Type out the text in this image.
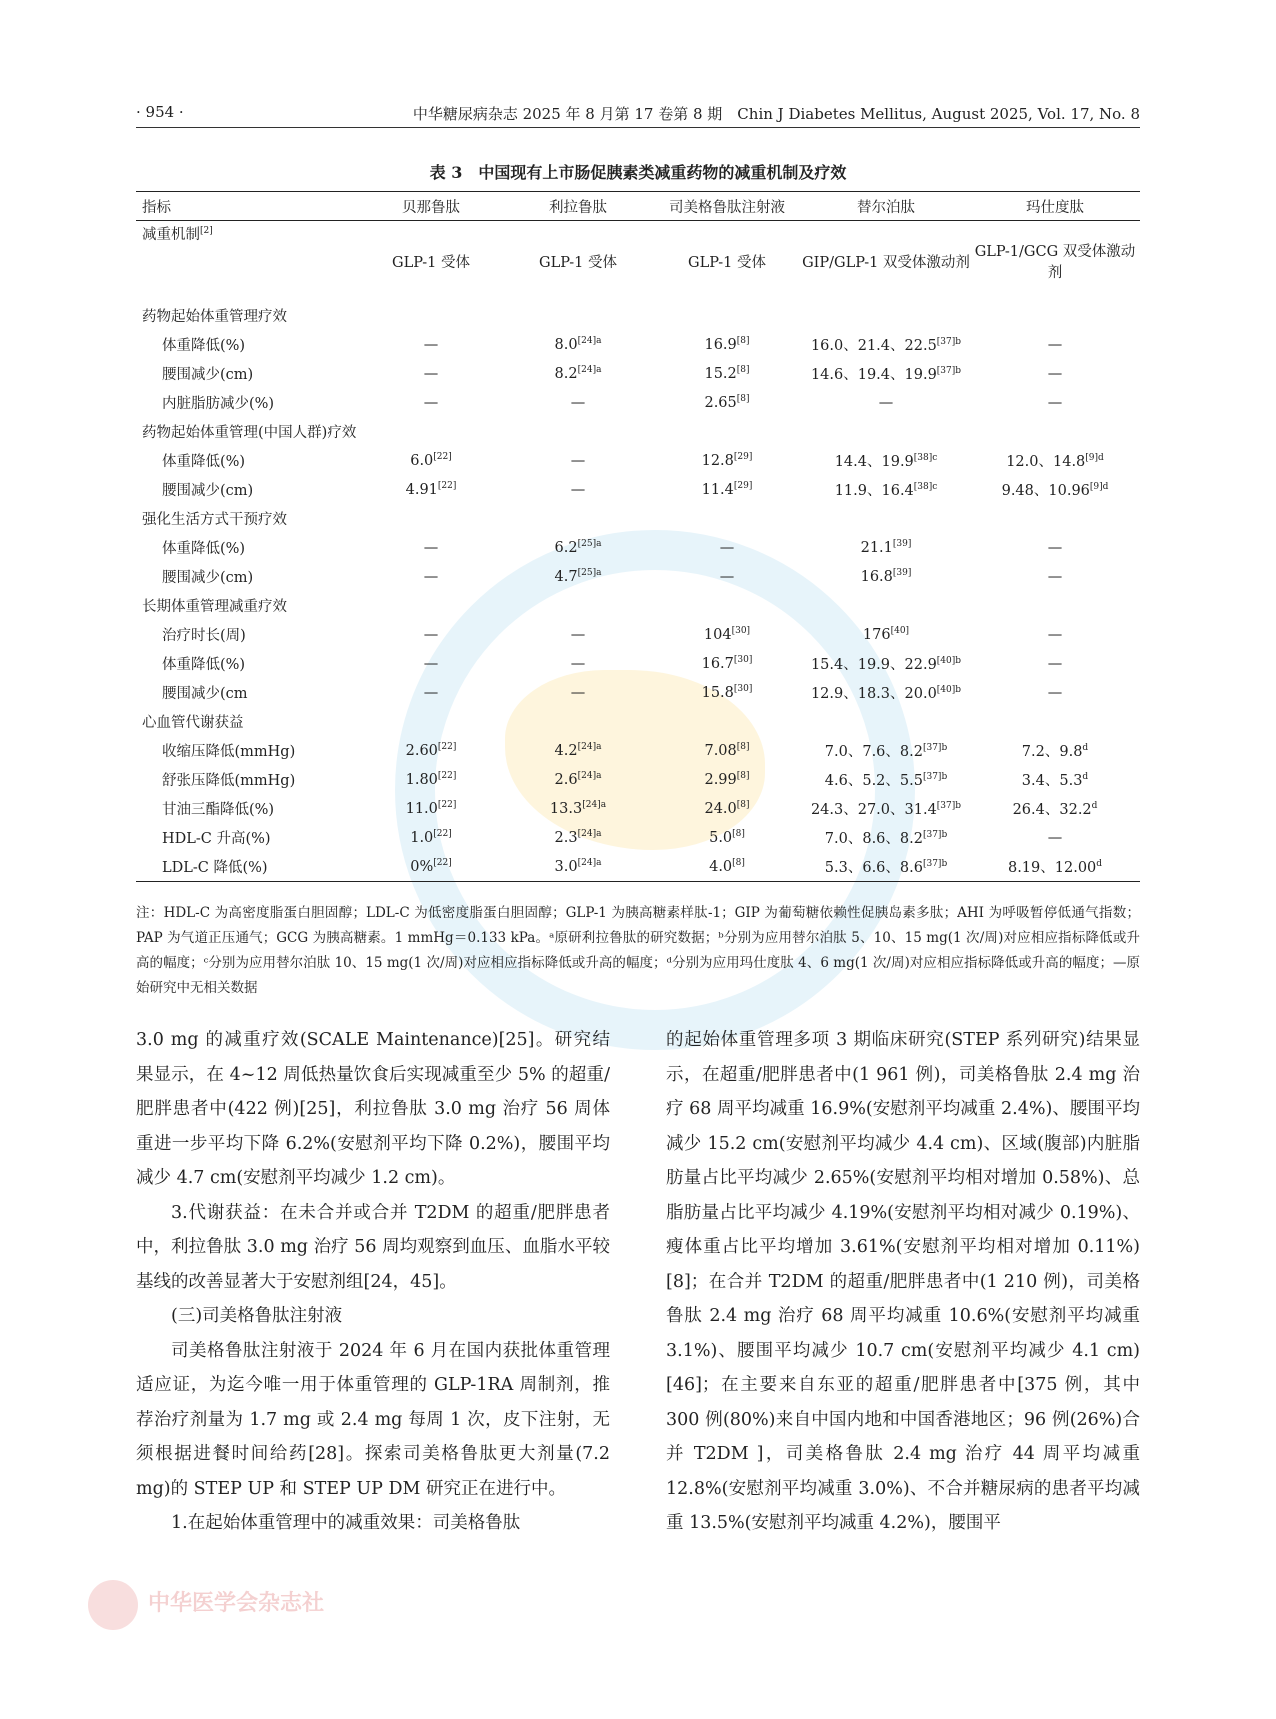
· 954 ·	中华糖尿病杂志 2025 年 8 月第 17 卷第 8 期　Chin J Diabetes Mellitus, August 2025, Vol. 17, No. 8
表 3　中国现有上市肠促胰素类减重药物的减重机制及疗效
指标	贝那鲁肽	利拉鲁肽	司美格鲁肽注射液	替尔泊肽	玛仕度肽
减重机制[2]	GLP-1 受体	GLP-1 受体	GLP-1 受体	GIP/GLP-1 双受体激动剂	GLP-1/GCG 双受体激动剂
药物起始体重管理疗效					
体重降低(%)	—	$8.0^{[24]a}$	16.9[8]	16.0、21.4、$22.5^{[37]b}$	—
腰围减少(cm)	—	$8.2^{[24]a}$	15.2[8]	14.6、19.4、$19.9^{[37]b}$	—
内脏脂肪减少(%)	—	—	2.65[8]	—	—
药物起始体重管理(中国人群)疗效					
体重降低(%)	6.0[22]	—	12.8[29]	14.4、$19.9^{[38]c}$	12.0、$14.8^{[9]d}$
腰围减少(cm)	4.91[22]	—	11.4[29]	11.9、$16.4^{[38]c}$	9.48、$10.96^{[9]d}$
强化生活方式干预疗效					
体重降低(%)	—	$6.2^{[25]a}$	—	21.1[39]	—
腰围减少(cm)	—	$4.7^{[25]a}$	—	16.8[39]	—
长期体重管理减重疗效					
治疗时长(周)	—	—	104[30]	176[40]	—
体重降低(%)	—	—	16.7[30]	15.4、19.9、$22.9^{[40]b}$	—
腰围减少(cm	—	—	15.8[30]	12.9、18.3、$20.0^{[40]b}$	—
心血管代谢获益					
收缩压降低(mmHg)	2.60[22]	$4.2^{[24]a}$	7.08[8]	7.0、7.6、$8.2^{[37]b}$	7.2、9.8$^d$
舒张压降低(mmHg)	1.80[22]	$2.6^{[24]a}$	2.99[8]	4.6、5.2、$5.5^{[37]b}$	3.4、5.3$^d$
甘油三酯降低(%)	11.0[22]	$13.3^{[24]a}$	24.0[8]	24.3、27.0、$31.4^{[37]b}$	26.4、32.2$^d$
HDL-C 升高(%)	1.0[22]	$2.3^{[24]a}$	5.0[8]	7.0、8.6、$8.2^{[37]b}$	—
LDL-C 降低(%)	0%[22]	$3.0^{[24]a}$	4.0[8]	5.3、6.6、$8.6^{[37]b}$	8.19、12.00$^d$
注：HDL-C 为高密度脂蛋白胆固醇；LDL-C 为低密度脂蛋白胆固醇；GLP-1 为胰高糖素样肽-1；GIP 为葡萄糖依赖性促胰岛素多肽；AHI 为呼吸暂停低通气指数；PAP 为气道正压通气；GCG 为胰高糖素。1 mmHg＝0.133 kPa。ᵃ原研利拉鲁肽的研究数据；ᵇ分别为应用替尔泊肽 5、10、15 mg(1 次/周)对应相应指标降低或升高的幅度；ᶜ分别为应用替尔泊肽 10、15 mg(1 次/周)对应相应指标降低或升高的幅度；ᵈ分别为应用玛仕度肽 4、6 mg(1 次/周)对应相应指标降低或升高的幅度；—原始研究中无相关数据

3.0 mg 的减重疗效(SCALE Maintenance)[25]。研究结果显示，在 4~12 周低热量饮食后实现减重至少 5% 的超重/肥胖患者中(422 例)[25]，利拉鲁肽 3.0 mg 治疗 56 周体重进一步平均下降 6.2%(安慰剂平均下降 0.2%)，腰围平均减少 4.7 cm(安慰剂平均减少 1.2 cm)。

3.代谢获益：在未合并或合并 T2DM 的超重/肥胖患者中，利拉鲁肽 3.0 mg 治疗 56 周均观察到血压、血脂水平较基线的改善显著大于安慰剂组[24，45]。

(三)司美格鲁肽注射液

司美格鲁肽注射液于 2024 年 6 月在国内获批体重管理适应证，为迄今唯一用于体重管理的 GLP-1RA 周制剂，推荐治疗剂量为 1.7 mg 或 2.4 mg 每周 1 次，皮下注射，无须根据进餐时间给药[28]。探索司美格鲁肽更大剂量(7.2 mg)的 STEP UP 和 STEP UP DM 研究正在进行中。

1.在起始体重管理中的减重效果：司美格鲁肽

的起始体重管理多项 3 期临床研究(STEP 系列研究)结果显示，在超重/肥胖患者中(1 961 例)，司美格鲁肽 2.4 mg 治疗 68 周平均减重 16.9%(安慰剂平均减重 2.4%)、腰围平均减少 15.2 cm(安慰剂平均减少 4.4 cm)、区域(腹部)内脏脂肪量占比平均减少 2.65%(安慰剂平均相对增加 0.58%)、总脂肪量占比平均减少 4.19%(安慰剂平均相对减少 0.19%)、瘦体重占比平均增加 3.61%(安慰剂平均相对增加 0.11%)[8]；在合并 T2DM 的超重/肥胖患者中(1 210 例)，司美格鲁肽 2.4 mg 治疗 68 周平均减重 10.6%(安慰剂平均减重 3.1%)、腰围平均减少 10.7 cm(安慰剂平均减少 4.1 cm)[46]；在主要来自东亚的超重/肥胖患者中[375 例，其中 300 例(80%)来自中国内地和中国香港地区；96 例(26%)合并 T2DM ]，司美格鲁肽 2.4 mg 治疗 44 周平均减重 12.8%(安慰剂平均减重 3.0%)、不合并糖尿病的患者平均减重 13.5%(安慰剂平均减重 4.2%)，腰围平

中华医学会杂志社
